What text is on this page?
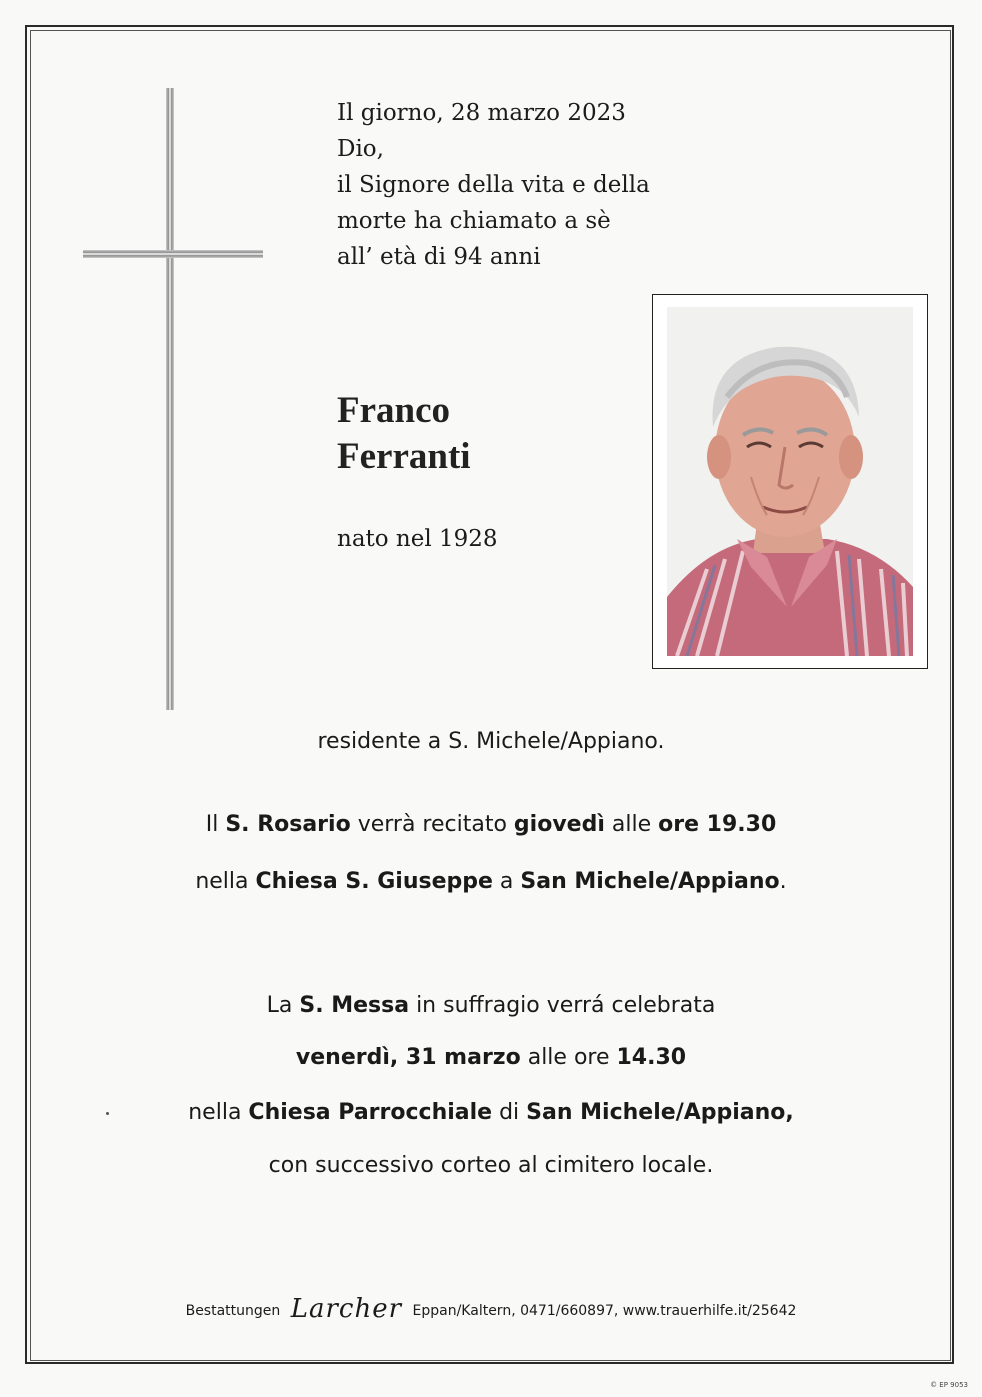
Il giorno, 28 marzo 2023
Dio,
il Signore della vita e della
morte ha chiamato a sè
all’ età di 94 anni
Franco
Ferranti
nato nel 1928
residente a S. Michele/Appiano.
Il S. Rosario verrà recitato giovedì alle ore 19.30
nella Chiesa S. Giuseppe a San Michele/Appiano.
La S. Messa in suffragio verrá celebrata
venerdì, 31 marzo alle ore 14.30
nella Chiesa Parrocchiale di San Michele/Appiano,
con successivo corteo al cimitero locale.
Bestattungen Larcher Eppan/Kaltern, 0471/660897, www.trauerhilfe.it/25642
© EP 9053
